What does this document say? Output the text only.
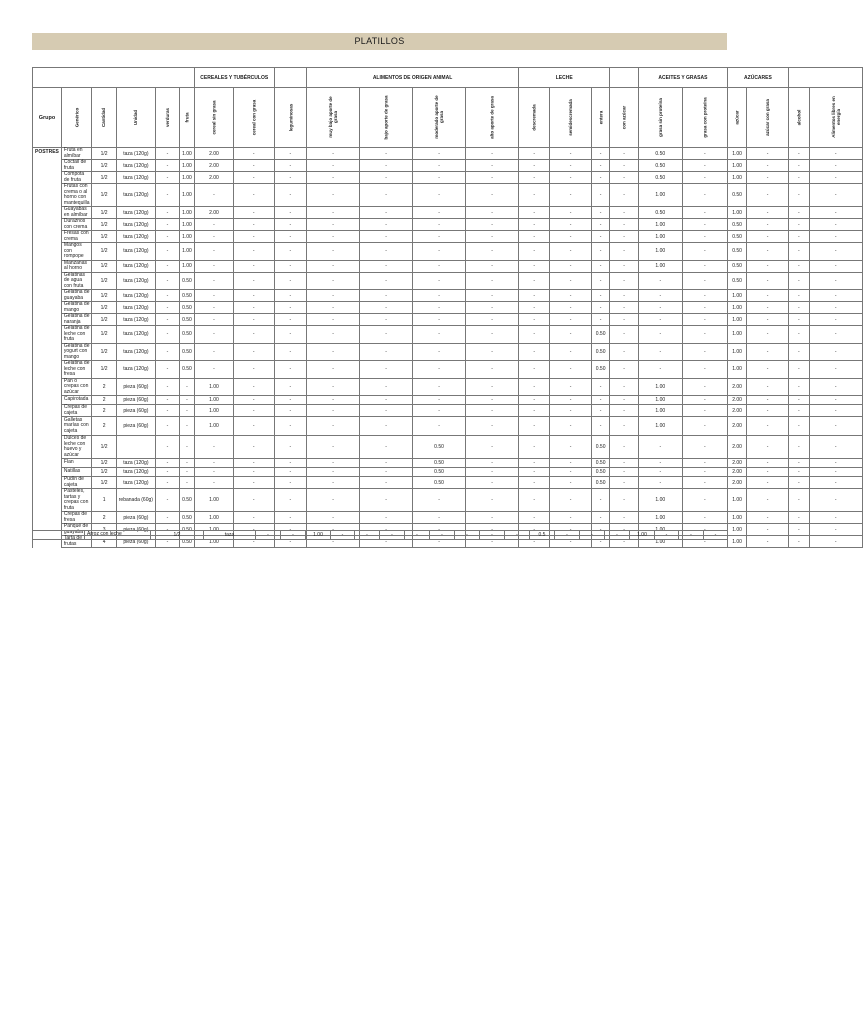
PLATILLOS
						CEREALES Y TUBÉRCULOS			ALIMENTOS DE ORIGEN ANIMAL				LECHE				ACEITES Y GRASAS		AZÚCARES			
Grupo	Genérico	Cantidad	Unidad	verduras	fruta	cereal sin grasa	cereal con grasa	leguminosas	muy bajo aporte de grasa	bajo aporte de grasa	moderado aporte de grasa	alto aporte de grasa	descremada	semidescremada	entera	con azúcar	grasa sin proteína	grasa con proteína	azúcar	azúcar con grasa	alcohol	Alimentos libres en energía
POSTRES	Fruta en almíbar	1/2	taza (120g)	-	1.00	2.00	-	-	-	-	-	-	-	-	-	-	0.50	-	1.00	-	-	-
	Coctail de fruta	1/2	taza (120g)	-	1.00	2.00	-	-	-	-	-	-	-	-	-	-	0.50	-	1.00	-	-	-
	Compota de fruta	1/2	taza (120g)	-	1.00	2.00	-	-	-	-	-	-	-	-	-	-	0.50	-	1.00	-	-	-
	Frutas con crema o al horno con mantequilla	1/2	taza (120g)	-	1.00	-	-	-	-	-	-	-	-	-	-	-	1.00	-	0.50	-	-	-
	Guayabas en almíbar	1/2	taza (120g)	-	1.00	2.00	-	-	-	-	-	-	-	-	-	-	0.50	-	1.00	-	-	-
	Duraznos con crema	1/2	taza (120g)	-	1.00	-	-	-	-	-	-	-	-	-	-	-	1.00	-	0.50	-	-	-
	Fresas con crema	1/2	taza (120g)	-	1.00	-	-	-	-	-	-	-	-	-	-	-	1.00	-	0.50	-	-	-
	Mangos con rompope	1/2	taza (120g)	-	1.00	-	-	-	-	-	-	-	-	-	-	-	1.00	-	0.50	-	-	-
	Manzanas al horno	1/2	taza (120g)	-	1.00	-	-	-	-	-	-	-	-	-	-	-	1.00	-	0.50	-	-	-
	Gelatinas de agua con fruta	1/2	taza (120g)	-	0.50	-	-	-	-	-	-	-	-	-	-	-	-	-	0.50	-	-	-
	Gelatina de guayaba	1/2	taza (120g)	-	0.50	-	-	-	-	-	-	-	-	-	-	-	-	-	1.00	-	-	-
	Gelatina de mango	1/2	taza (120g)	-	0.50	-	-	-	-	-	-	-	-	-	-	-	-	-	1.00	-	-	-
	Gelatina de naranja	1/2	taza (120g)	-	0.50	-	-	-	-	-	-	-	-	-	-	-	-	-	1.00	-	-	-
	Gelatina de leche con fruta	1/2	taza (120g)	-	0.50	-	-	-	-	-	-	-	-	-	0.50	-	-	-	1.00	-	-	-
	Gelatina de yogurt con mango	1/2	taza (120g)	-	0.50	-	-	-	-	-	-	-	-	-	0.50	-	-	-	1.00	-	-	-
	Gelatina de leche con fresa	1/2	taza (120g)	-	0.50	-	-	-	-	-	-	-	-	-	0.50	-	-	-	1.00	-	-	-
	Pan o crepas con azúcar	2	pieza (60g)	-	-	1.00	-	-	-	-	-	-	-	-	-	-	1.00	-	2.00	-	-	-
	Capirotada	2	pieza (60g)	-	-	1.00	-	-	-	-	-	-	-	-	-	-	1.00	-	2.00	-	-	-
	Crepas de cajeta	2	pieza (60g)	-	-	1.00	-	-	-	-	-	-	-	-	-	-	1.00	-	2.00	-	-	-
	Galletas marías con cajeta	2	pieza (60g)	-	-	1.00	-	-	-	-	-	-	-	-	-	-	1.00	-	2.00	-	-	-
	Dulces de leche con huevo y azúcar	1/2		-	-	-	-	-	-	-	0.50	-	-	-	0.50	-	-	-	2.00	-	-	-
	Flan	1/2	taza (120g)	-	-	-	-	-	-	-	0.50	-	-	-	0.50	-	-	-	2.00	-	-	-
	Natillas	1/2	taza (120g)	-	-	-	-	-	-	-	0.50	-	-	-	0.50	-	-	-	2.00	-	-	-
	Pudín de cajeta	1/2	taza (120g)	-	-	-	-	-	-	-	0.50	-	-	-	0.50	-	-	-	2.00	-	-	-
	Pasteles, tartas y crepas con fruta	1	rebanada (60g)	-	0.50	1.00	-	-	-	-	-	-	-	-	-	-	1.00	-	1.00	-	-	-
	Crepas de fresa	2	pieza (60g)	-	0.50	1.00	-	-	-	-	-	-	-	-	-	-	1.00	-	1.00	-	-	-
	Panqué de guayaba	3	pieza (60g)	-	0.50	1.00	-	-	-	-	-	-	-	-	-	-	1.00	-	1.00	-	-	-
	Tarta de frutas	4	pieza (60g)	-	0.50	1.00	-	-	-	-	-	-	-	-	-	-	1.00	-	1.00	-	-	-
	Arroz con leche	1/2	taza	-	-	1.00	-	-	-	-	-	-	-	-	0.5	-	-	-	1.00	-	-	-
